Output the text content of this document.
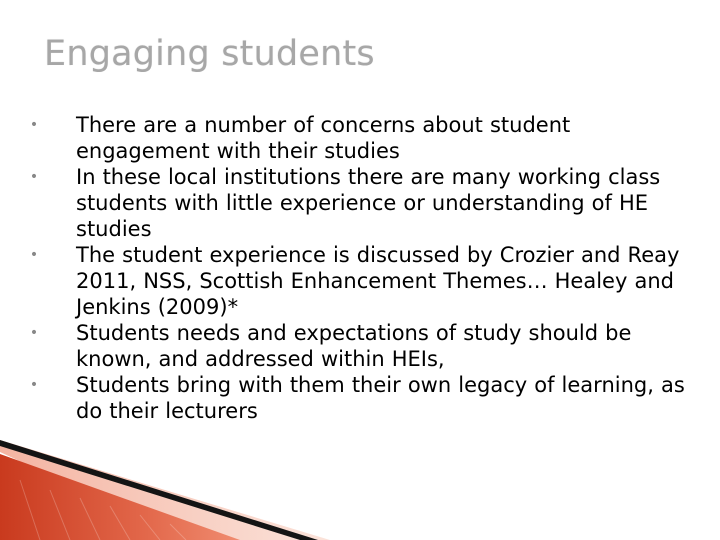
Engaging students
• There are a number of concerns about student engagement with their studies
• In these local institutions there are many working class students with little experience or understanding of HE studies
• The student experience is discussed by Crozier and Reay 2011, NSS, Scottish Enhancement Themes… Healey and Jenkins (2009)*
• Students needs and expectations of study should be known, and addressed within HEIs,
• Students bring with them their own legacy of learning, as do their lecturers
